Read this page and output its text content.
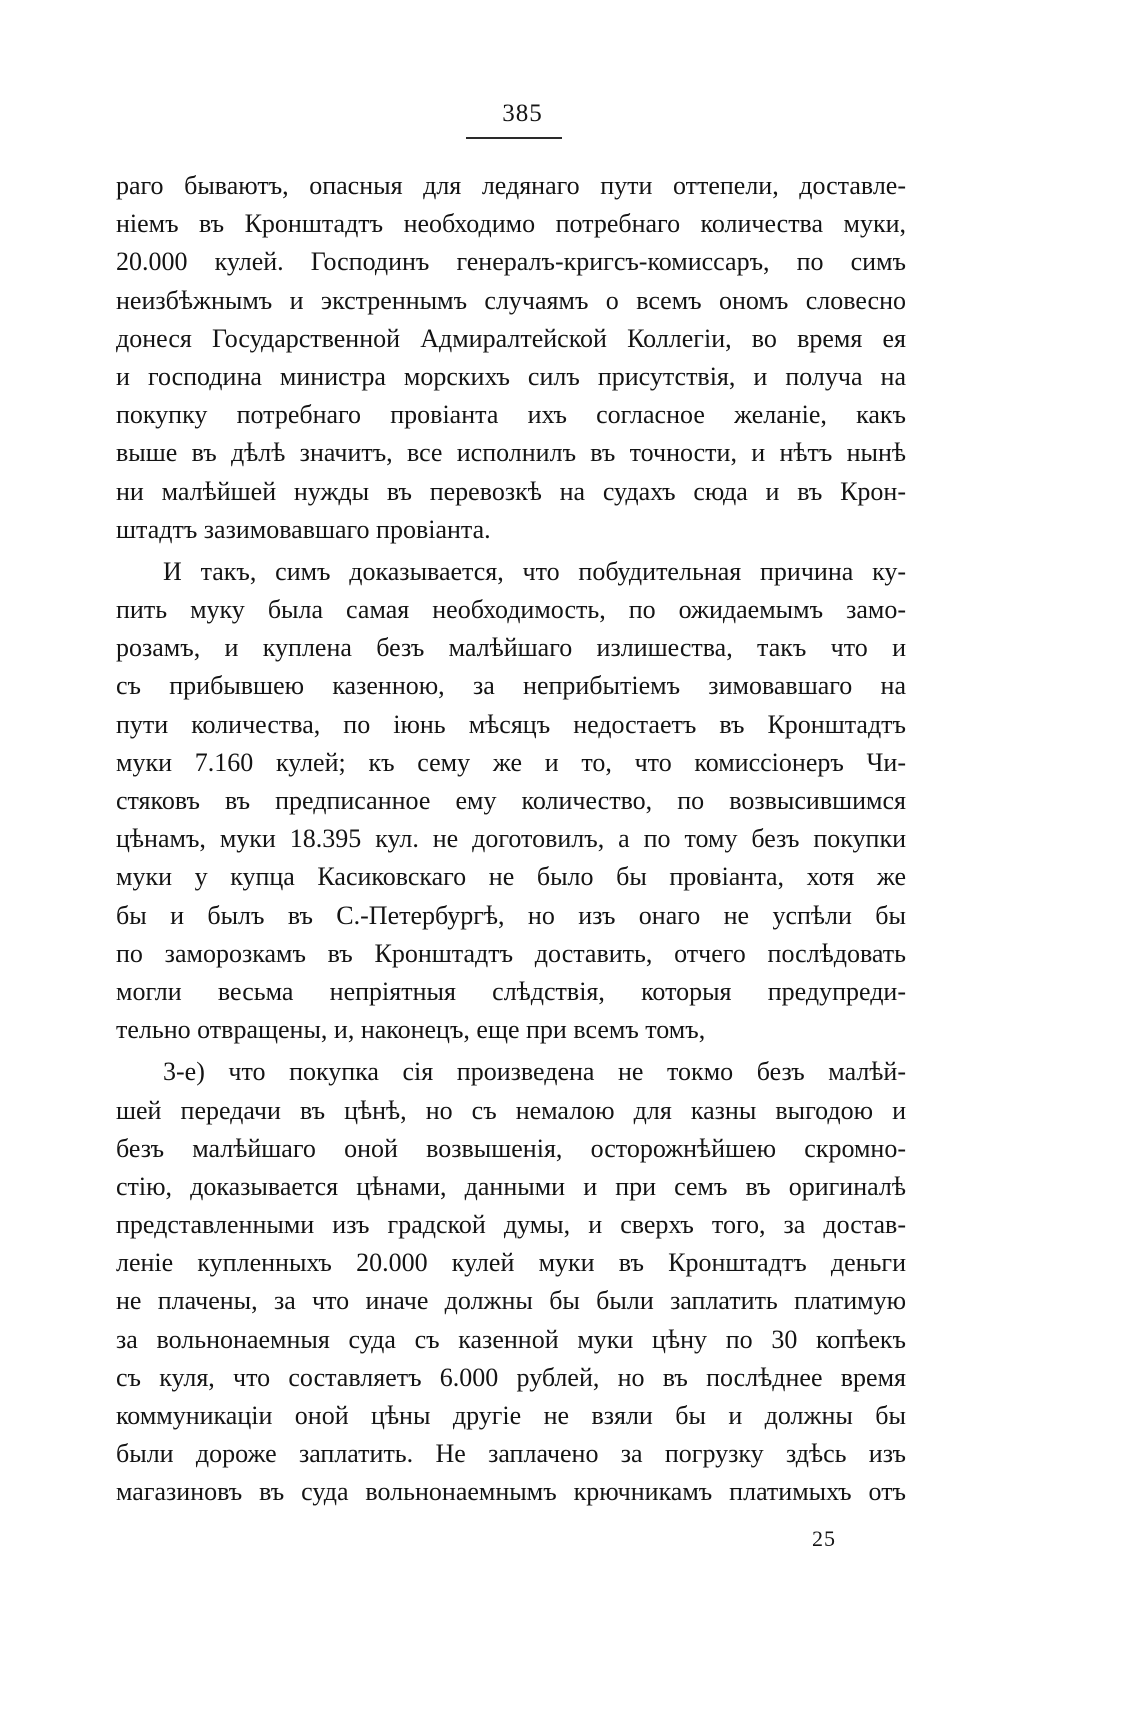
385
раго бываютъ, опасныя для ледянаго пути оттепели, доставле-
ніемъ въ Кронштадтъ необходимо потребнаго количества муки,
20.000 кулей. Господинъ генералъ-кригсъ-комиссаръ, по симъ
неизбѣжнымъ и экстреннымъ случаямъ о всемъ ономъ словесно
донеся Государственной Адмиралтейской Коллегіи, во время ея
и господина министра морскихъ силъ присутствія, и получа на
покупку потребнаго провіанта ихъ согласное желаніе, какъ
выше въ дѣлѣ значитъ, все исполнилъ въ точности, и нѣтъ нынѣ
ни малѣйшей нужды въ перевозкѣ на судахъ сюда и въ Крон-
штадтъ зазимовавшаго провіанта.
И такъ, симъ доказывается, что побудительная причина ку-
пить муку была самая необходимость, по ожидаемымъ замо-
розамъ, и куплена безъ малѣйшаго излишества, такъ что и
съ прибывшею казенною, за неприбытіемъ зимовавшаго на
пути количества, по іюнь мѣсяцъ недостаетъ въ Кронштадтъ
муки 7.160 кулей; къ сему же и то, что комиссіонеръ Чи-
стяковъ въ предписанное ему количество, по возвысившимся
цѣнамъ, муки 18.395 кул. не доготовилъ, а по тому безъ покупки
муки у купца Касиковскаго не было бы провіанта, хотя же
бы и былъ въ С.-Петербургѣ, но изъ онаго не успѣли бы
по заморозкамъ въ Кронштадтъ доставить, отчего послѣдовать
могли весьма непріятныя слѣдствія, которыя предупреди-
тельно отвращены, и, наконецъ, еще при всемъ томъ,
3-е) что покупка сія произведена не токмо безъ малѣй-
шей передачи въ цѣнѣ, но съ немалою для казны выгодою и
безъ малѣйшаго оной возвышенія, осторожнѣйшею скромно-
стію, доказывается цѣнами, данными и при семъ въ оригиналѣ
представленными изъ градской думы, и сверхъ того, за достав-
леніе купленныхъ 20.000 кулей муки въ Кронштадтъ деньги
не плачены, за что иначе должны бы были заплатить платимую
за вольнонаемныя суда съ казенной муки цѣну по 30 копѣекъ
съ куля, что составляетъ 6.000 рублей, но въ послѣднее время
коммуникаціи оной цѣны другіе не взяли бы и должны бы
были дороже заплатить. Не заплачено за погрузку здѣсь изъ
магазиновъ въ суда вольнонаемнымъ крючникамъ платимыхъ отъ
25
